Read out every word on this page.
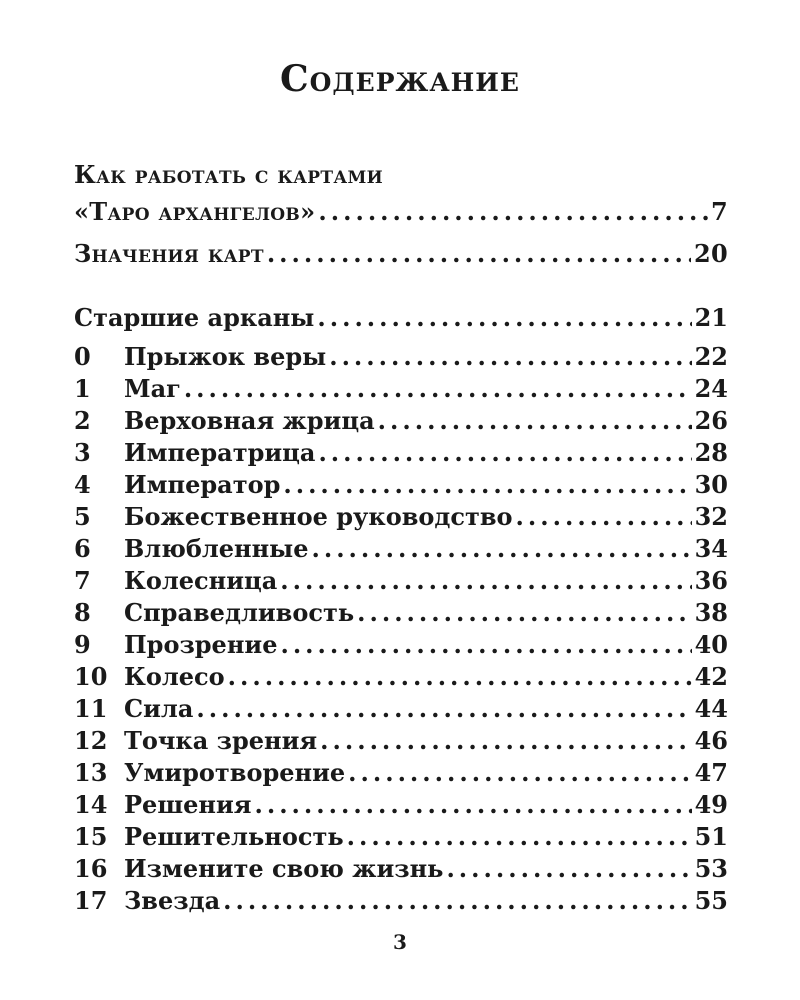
Содержание
Как работать с картами
«Таро архангелов» .....	7
Значения карт .....	20
Старшие арканы .....	21
0	Прыжок веры .....	22
1	Маг .....	24
2	Верховная жрица .....	26
3	Императрица .....	28
4	Император .....	30
5	Божественное руководство .....	32
6	Влюбленные .....	34
7	Колесница .....	36
8	Справедливость .....	38
9	Прозрение .....	40
10 Колесо .....	42
11 Сила .....	44
12 Точка зрения .....	46
13 Умиротворение .....	47
14 Решения .....	49
15 Решительность .....	51
16 Измените свою жизнь .....	53
17 Звезда .....	55
3
